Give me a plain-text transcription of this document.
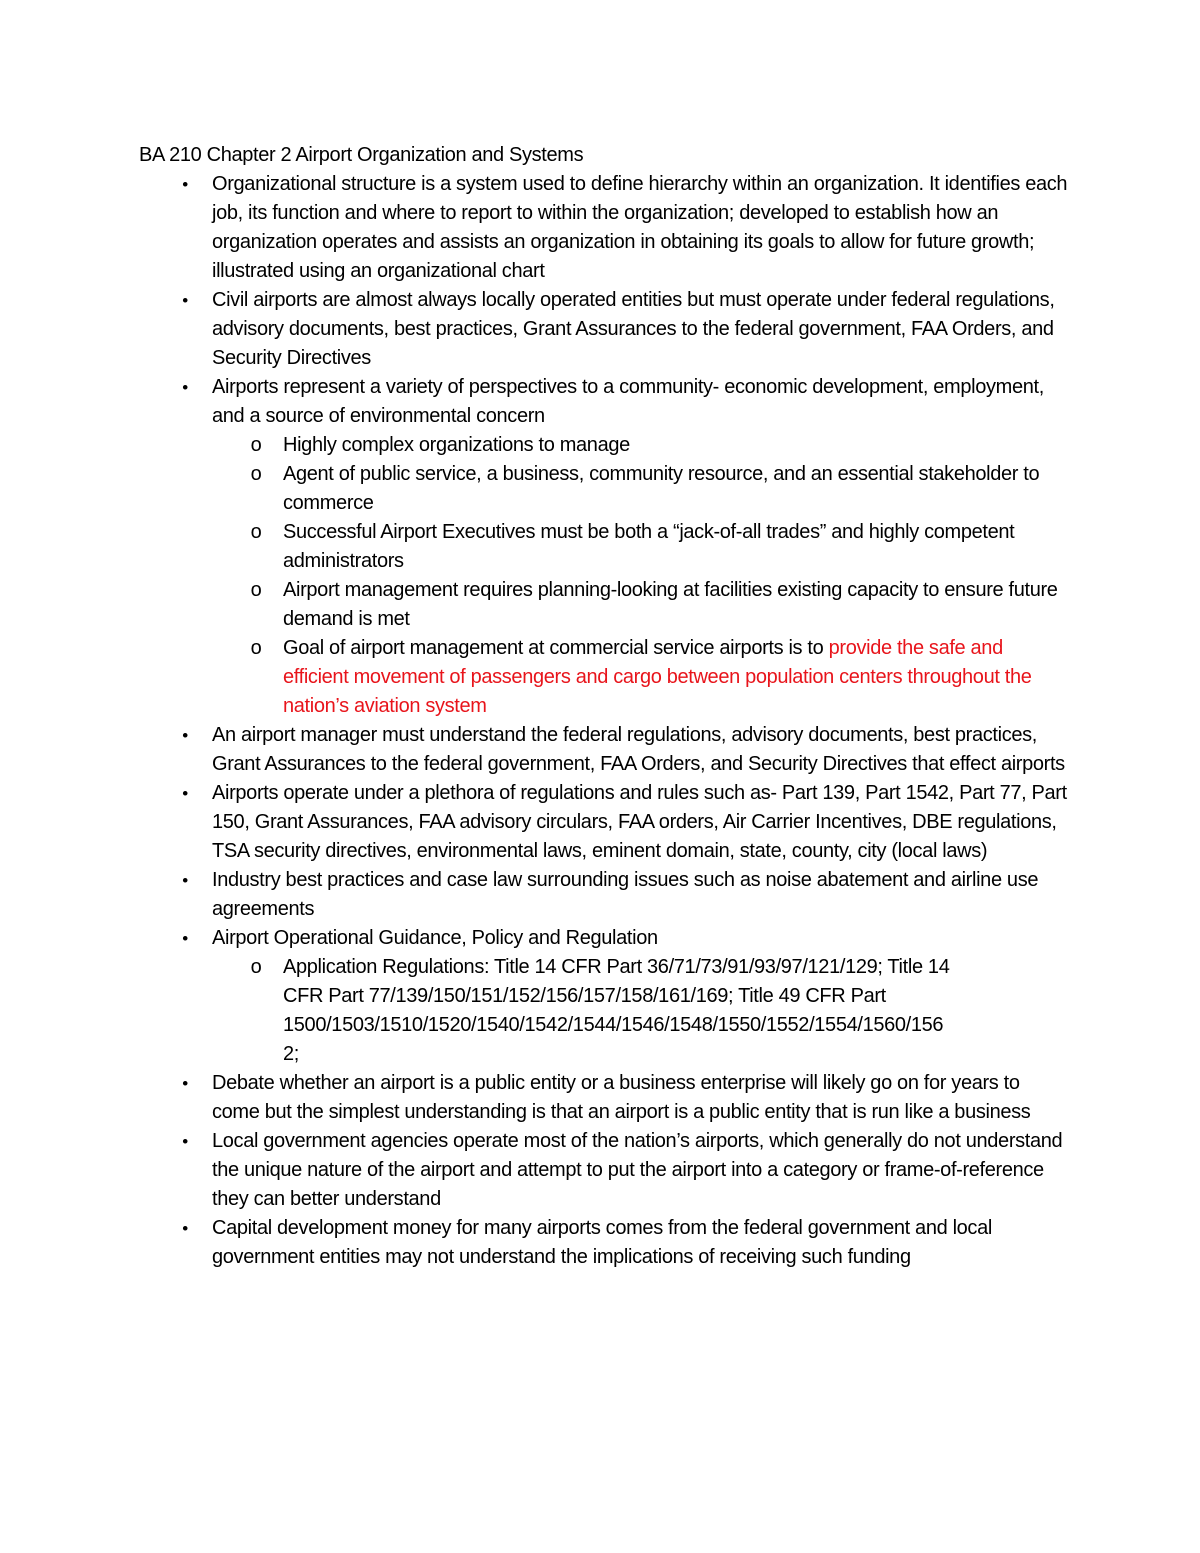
BA 210 Chapter 2 Airport Organization and Systems

•	Organizational structure is a system used to define hierarchy within an organization. It identifies each job, its function and where to report to within the organization; developed to establish how an organization operates and assists an organization in obtaining its goals to allow for future growth; illustrated using an organizational chart
•	Civil airports are almost always locally operated entities but must operate under federal regulations, advisory documents, best practices, Grant Assurances to the federal government, FAA Orders, and Security Directives
•	Airports represent a variety of perspectives to a community- economic development, employment, and a source of environmental concern
o Highly complex organizations to manage
o Agent of public service, a business, community resource, and an essential stakeholder to commerce
o Successful Airport Executives must be both a “jack-of-all trades” and highly competent administrators
o Airport management requires planning-looking at facilities existing capacity to ensure future demand is met
o Goal of airport management at commercial service airports is to provide the safe and efficient movement of passengers and cargo between population centers throughout the nation’s aviation system
•	An airport manager must understand the federal regulations, advisory documents, best practices, Grant Assurances to the federal government, FAA Orders, and Security Directives that effect airports
•	Airports operate under a plethora of regulations and rules such as- Part 139, Part 1542, Part 77, Part 150, Grant Assurances, FAA advisory circulars, FAA orders, Air Carrier Incentives, DBE regulations, TSA security directives, environmental laws, eminent domain, state, county, city (local laws)
•	Industry best practices and case law surrounding issues such as noise abatement and airline use agreements
•	Airport Operational Guidance, Policy and Regulation
o Application Regulations: Title 14 CFR Part 36/71/73/91/93/97/121/129; Title 14
CFR Part 77/139/150/151/152/156/157/158/161/169; Title 49 CFR Part
1500/1503/1510/1520/1540/1542/1544/1546/1548/1550/1552/1554/1560/156
2;
•	Debate whether an airport is a public entity or a business enterprise will likely go on for years to come but the simplest understanding is that an airport is a public entity that is run like a business
•	Local government agencies operate most of the nation’s airports, which generally do not understand the unique nature of the airport and attempt to put the airport into a category or frame-of-reference they can better understand
•	Capital development money for many airports comes from the federal government and local government entities may not understand the implications of receiving such funding
